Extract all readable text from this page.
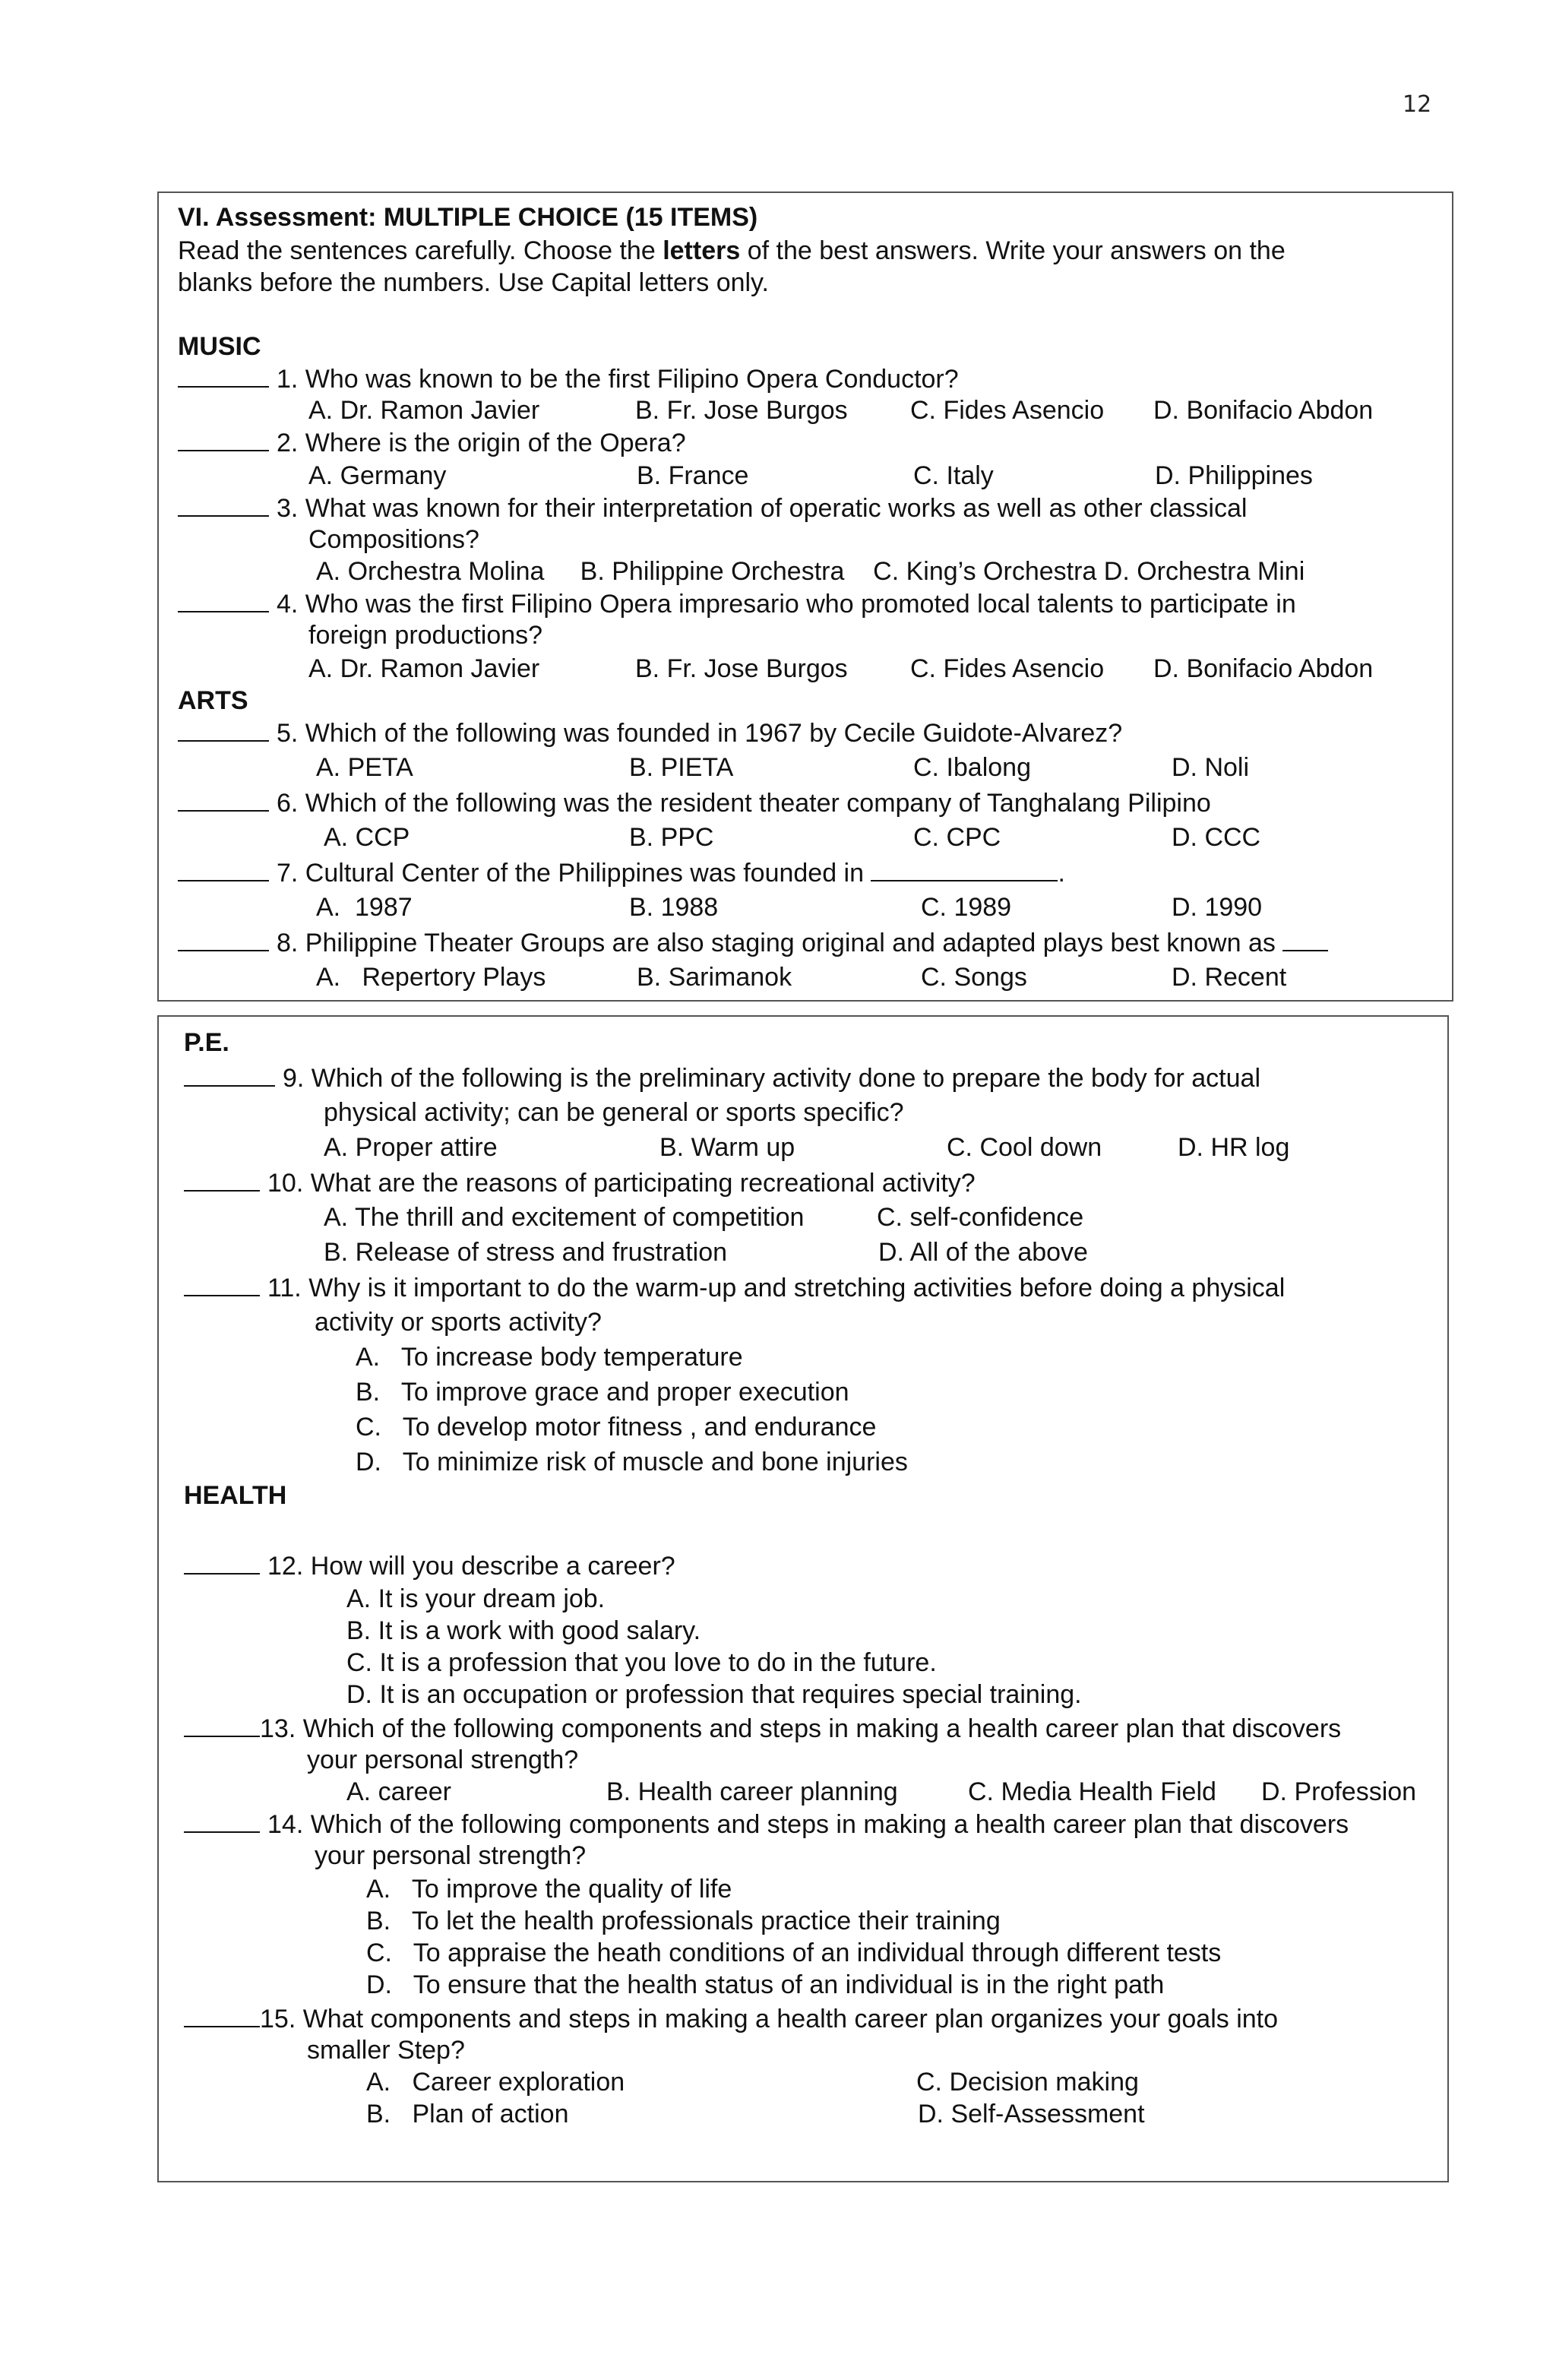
12
VI. Assessment: MULTIPLE CHOICE (15 ITEMS)
Read the sentences carefully. Choose the letters of the best answers. Write your answers on the
blanks before the numbers. Use Capital letters only.
MUSIC
1. Who was known to be the first Filipino Opera Conductor?
A. Dr. Ramon Javier	B. Fr. Jose Burgos C. Fides Asencio D. Bonifacio Abdon
2. Where is the origin of the Opera?
A. Germany	B. France	C. Italy	D. Philippines
3. What was known for their interpretation of operatic works as well as other classical
Compositions?
A. Orchestra Molina     B. Philippine Orchestra    C. King’s Orchestra D. Orchestra Mini
4. Who was the first Filipino Opera impresario who promoted local talents to participate in
foreign productions?
A. Dr. Ramon Javier	B. Fr. Jose Burgos C. Fides Asencio D. Bonifacio Abdon
ARTS
5. Which of the following was founded in 1967 by Cecile Guidote-Alvarez?
A. PETA	B. PIETA	C. Ibalong	D. Noli
6. Which of the following was the resident theater company of Tanghalang Pilipino
A. CCP	B. PPC	C. CPC	D. CCC
7. Cultural Center of the Philippines was founded in	.
A.  1987	B. 1988	C. 1989	D. 1990
8. Philippine Theater Groups are also staging original and adapted plays best known as
A.   Repertory Plays	B. Sarimanok	C. Songs	D. Recent
P.E.
9. Which of the following is the preliminary activity done to prepare the body for actual
physical activity; can be general or sports specific?
A. Proper attire	B. Warm up	C. Cool down	D. HR log
10. What are the reasons of participating recreational activity?
A. The thrill and excitement of competition	C. self-confidence
B. Release of stress and frustration	D. All of the above
11. Why is it important to do the warm-up and stretching activities before doing a physical
activity or sports activity?
A.   To increase body temperature
B.   To improve grace and proper execution
C.   To develop motor fitness , and endurance
D.   To minimize risk of muscle and bone injuries
HEALTH
12. How will you describe a career?
A. It is your dream job.
B. It is a work with good salary.
C. It is a profession that you love to do in the future.
D. It is an occupation or profession that requires special training.
13. Which of the following components and steps in making a health career plan that discovers
your personal strength?
A. career	B. Health career planning	C. Media Health Field D. Profession
14. Which of the following components and steps in making a health career plan that discovers
your personal strength?
A.   To improve the quality of life
B.   To let the health professionals practice their training
C.   To appraise the heath conditions of an individual through different tests
D.   To ensure that the health status of an individual is in the right path
15. What components and steps in making a health career plan organizes your goals into
smaller Step?
A.   Career exploration	C. Decision making
B.   Plan of action	D. Self-Assessment
